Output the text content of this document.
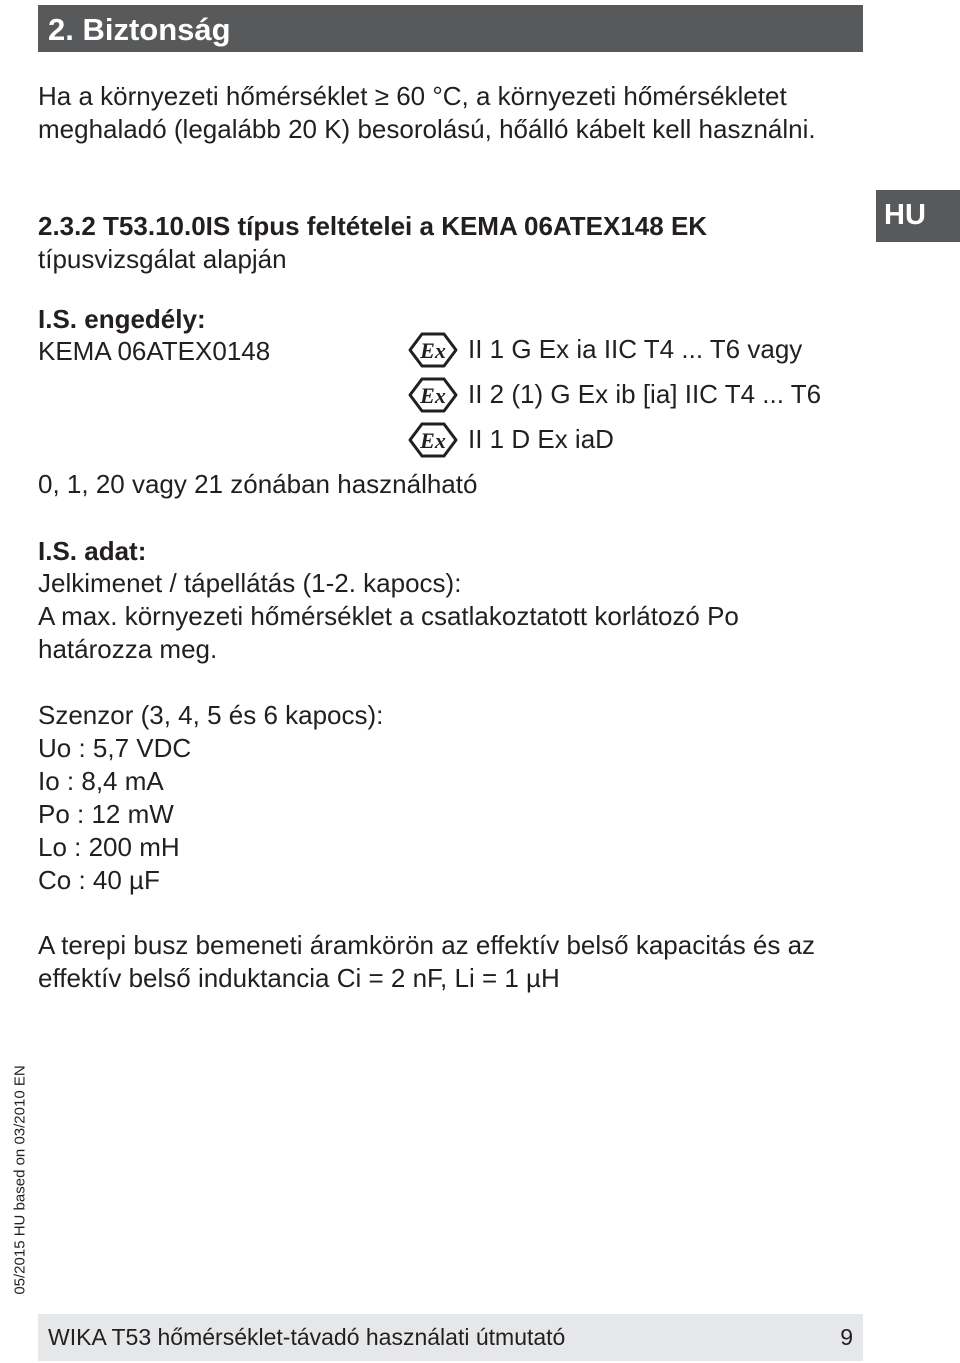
2. Biztonság
HU
Ha a környezeti hőmérséklet ≥ 60 °C, a környezeti hőmérsékletet
meghaladó (legalább 20 K) besorolású, hőálló kábelt kell használni.
2.3.2 T53.10.0IS típus feltételei a KEMA 06ATEX148 EK
típusvizsgálat alapján
I.S. engedély:
KEMA 06ATEX0148	Ex II 1 G Ex ia IIC T4 ... T6 vagy
Ex II 2 (1) G Ex ib [ia] IIC T4 ... T6
Ex II 1 D Ex iaD
0, 1, 20 vagy 21 zónában használható
I.S. adat:
Jelkimenet / tápellátás (1-2. kapocs):
A max. környezeti hőmérséklet a csatlakoztatott korlátozó Po
határozza meg.
Szenzor (3, 4, 5 és 6 kapocs):
Uo : 5,7 VDC
Io : 8,4 mA
Po : 12 mW
Lo : 200 mH
Co : 40 µF
A terepi busz bemeneti áramkörön az effektív belső kapacitás és az
effektív belső induktancia Ci = 2 nF, Li = 1 µH
05/2015 HU based on 03/2010 EN
WIKA T53 hőmérséklet-távadó használati útmutató	9
